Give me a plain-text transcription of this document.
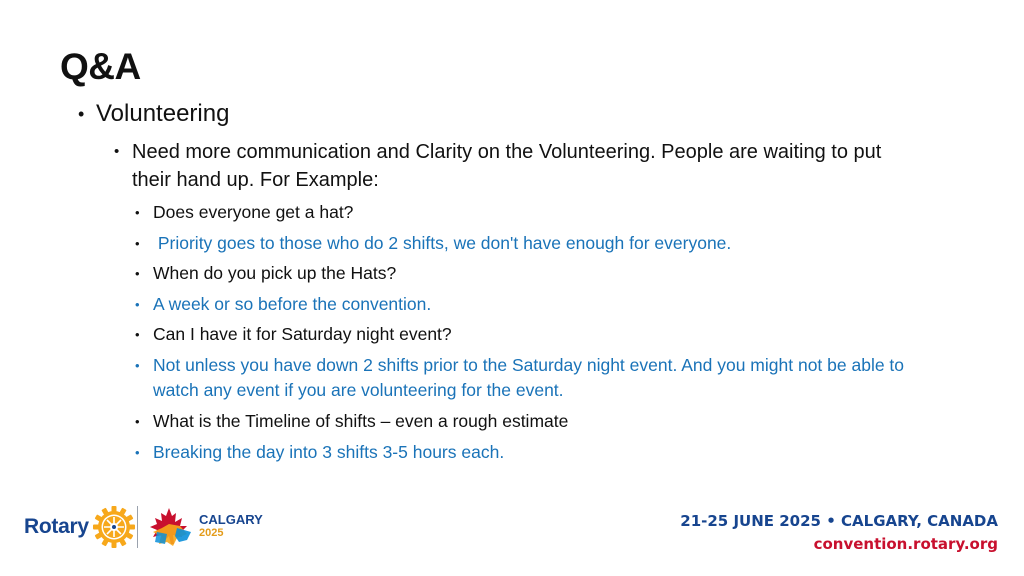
Q&A
• Volunteering
• Need more communication and Clarity on the Volunteering. People are waiting to put their hand up. For Example:
• Does everyone get a hat?
• Priority goes to those who do 2 shifts, we don't have enough for everyone.
• When do you pick up the Hats?
• A week or so before the convention.
• Can I have it for Saturday night event?
• Not unless you have down 2 shifts prior to the Saturday night event. And you might not be able to watch any event if you are volunteering for the event.
• What is the Timeline of shifts – even a rough estimate
• Breaking the day into 3 shifts 3-5 hours each.
Rotary	CALGARY
2025
21-25 JUNE 2025 • CALGARY, CANADA
convention.rotary.org
